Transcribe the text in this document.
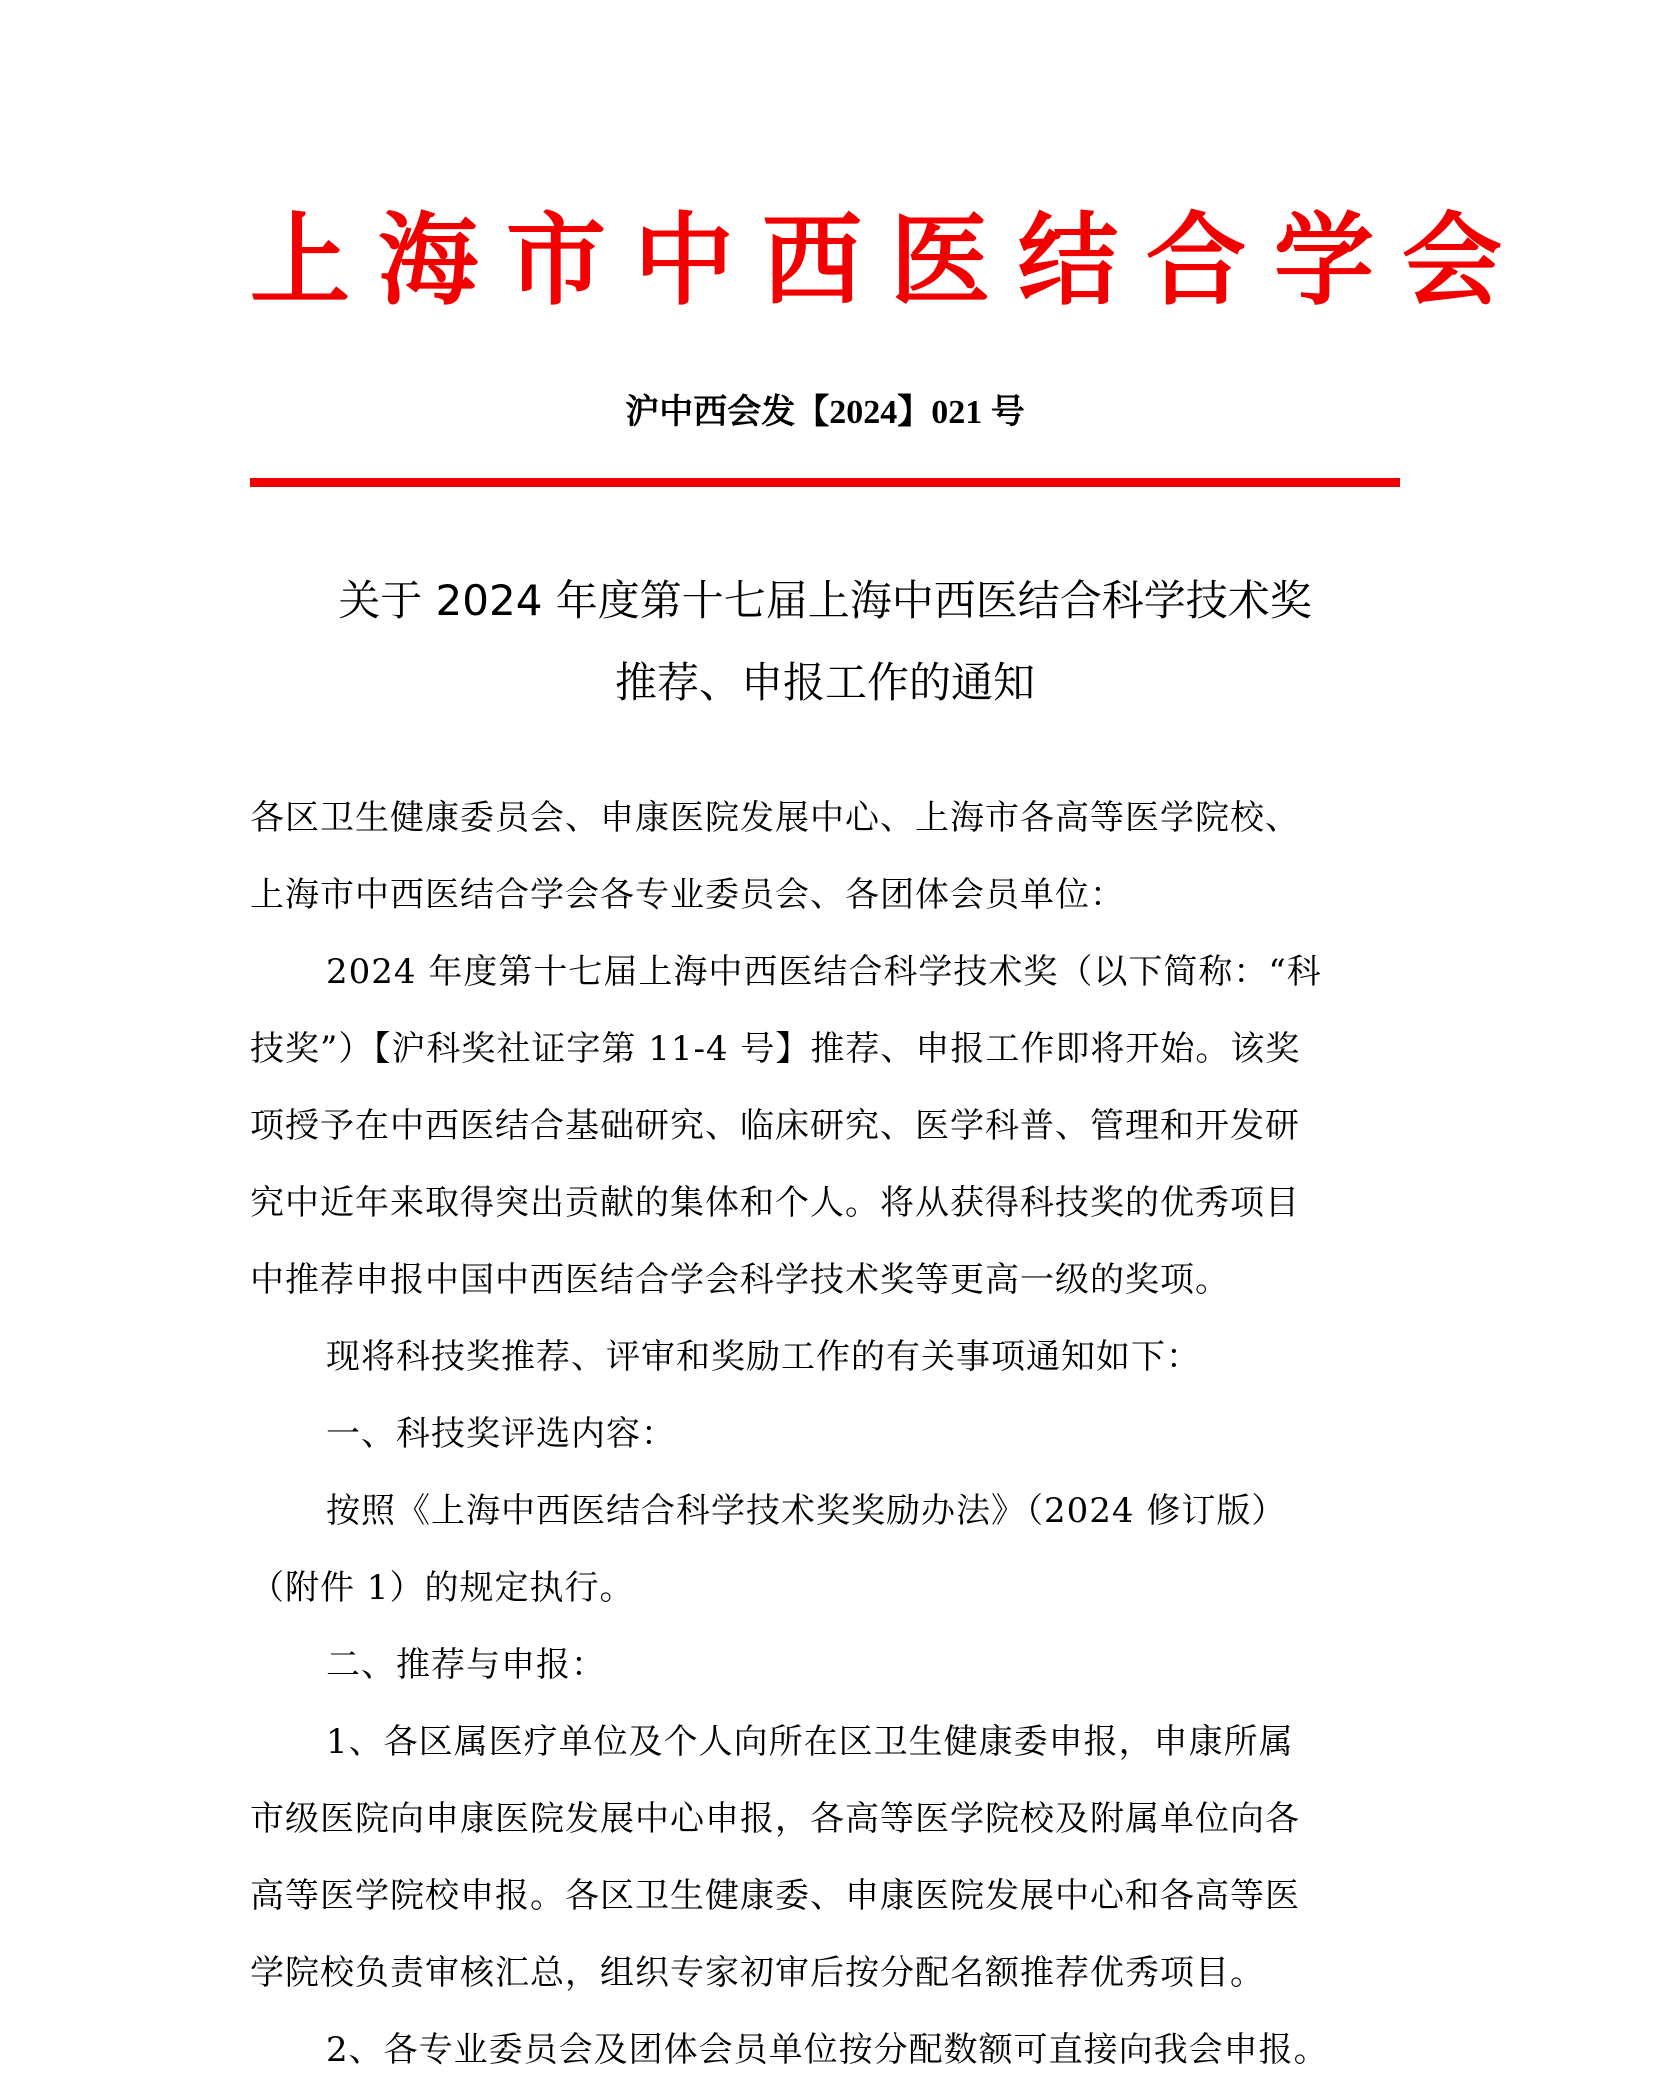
上海市中西医结合学会
沪中西会发【2024】021 号
关于 2024 年度第十七届上海中西医结合科学技术奖
推荐、申报工作的通知

各区卫生健康委员会、申康医院发展中心、上海市各高等医学院校、
上海市中西医结合学会各专业委员会、各团体会员单位：

2024 年度第十七届上海中西医结合科学技术奖（以下简称：“科
技奖”）【沪科奖社证字第 11-4 号】推荐、申报工作即将开始。该奖
项授予在中西医结合基础研究、临床研究、医学科普、管理和开发研
究中近年来取得突出贡献的集体和个人。将从获得科技奖的优秀项目
中推荐申报中国中西医结合学会科学技术奖等更高一级的奖项。

现将科技奖推荐、评审和奖励工作的有关事项通知如下：

一、科技奖评选内容：

按照《上海中西医结合科学技术奖奖励办法》（2024 修订版）
（附件 1）的规定执行。

二、推荐与申报：

1、各区属医疗单位及个人向所在区卫生健康委申报，申康所属
市级医院向申康医院发展中心申报，各高等医学院校及附属单位向各
高等医学院校申报。各区卫生健康委、申康医院发展中心和各高等医
学院校负责审核汇总，组织专家初审后按分配名额推荐优秀项目。

2、各专业委员会及团体会员单位按分配数额可直接向我会申报。
